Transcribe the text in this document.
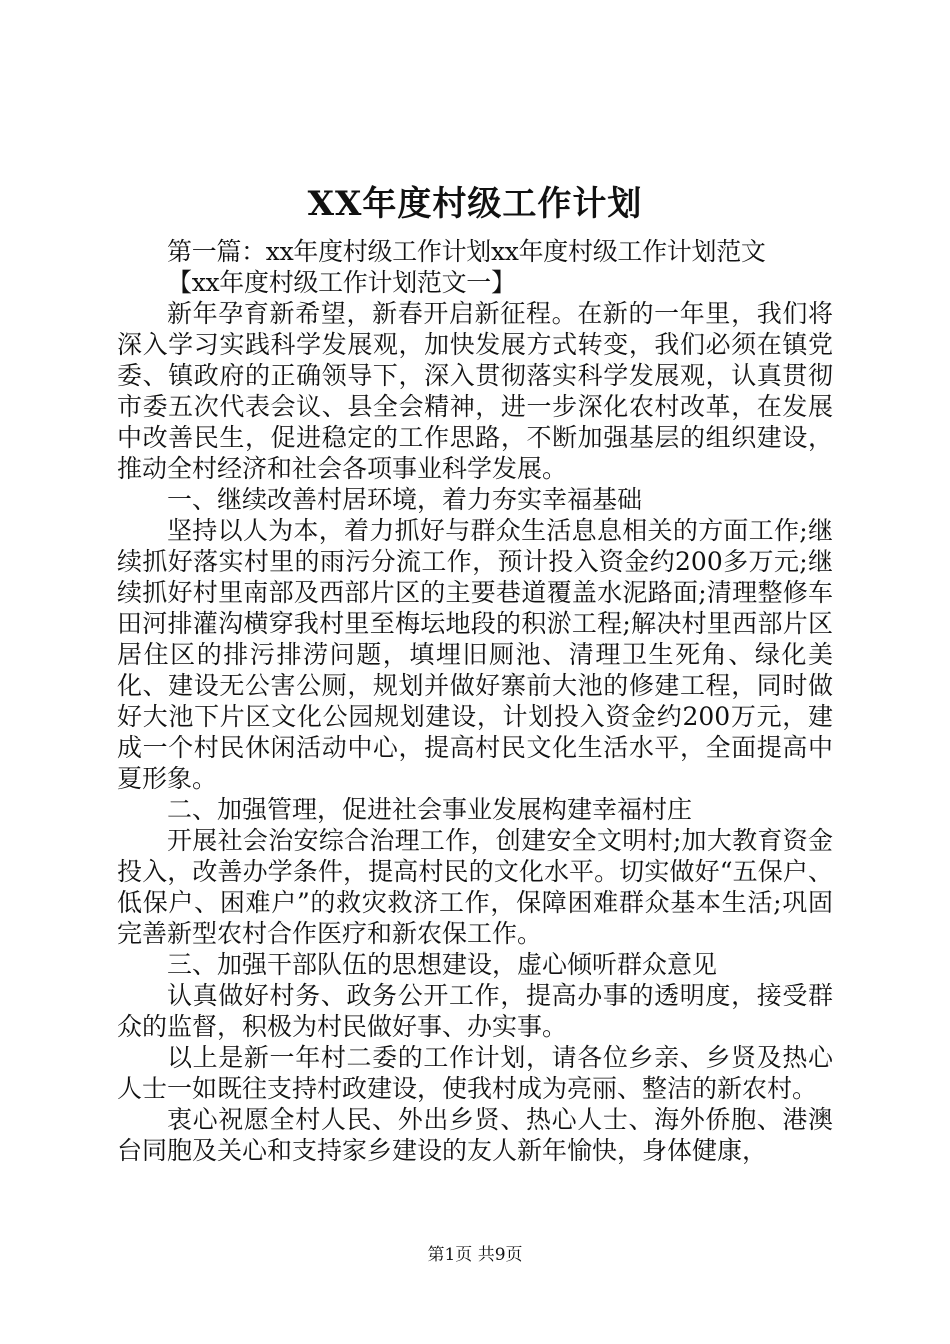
XX年度村级工作计划

第一篇：xx年度村级工作计划xx年度村级工作计划范文

【xx年度村级工作计划范文一】

新年孕育新希望，新春开启新征程。在新的一年里，我们将深入学习实践科学发展观，加快发展方式转变，我们必须在镇党委、镇政府的正确领导下，深入贯彻落实科学发展观，认真贯彻市委五次代表会议、县全会精神，进一步深化农村改革，在发展中改善民生，促进稳定的工作思路，不断加强基层的组织建设，推动全村经济和社会各项事业科学发展。

一、继续改善村居环境，着力夯实幸福基础

坚持以人为本，着力抓好与群众生活息息相关的方面工作;继续抓好落实村里的雨污分流工作，预计投入资金约200多万元;继续抓好村里南部及西部片区的主要巷道覆盖水泥路面;清理整修车田河排灌沟横穿我村里至梅坛地段的积淤工程;解决村里西部片区居住区的排污排涝问题，填埋旧厕池、清理卫生死角、绿化美化、建设无公害公厕，规划并做好寨前大池的修建工程，同时做好大池下片区文化公园规划建设，计划投入资金约200万元，建成一个村民休闲活动中心，提高村民文化生活水平，全面提高中夏形象。

二、加强管理，促进社会事业发展构建幸福村庄

开展社会治安综合治理工作，创建安全文明村;加大教育资金投入，改善办学条件，提高村民的文化水平。切实做好“五保户、低保户、困难户”的救灾救济工作，保障困难群众基本生活;巩固完善新型农村合作医疗和新农保工作。

三、加强干部队伍的思想建设，虚心倾听群众意见

认真做好村务、政务公开工作，提高办事的透明度，接受群众的监督，积极为村民做好事、办实事。

以上是新一年村二委的工作计划，请各位乡亲、乡贤及热心人士一如既往支持村政建设，使我村成为亮丽、整洁的新农村。

衷心祝愿全村人民、外出乡贤、热心人士、海外侨胞、港澳台同胞及关心和支持家乡建设的友人新年愉快，身体健康，

第1页 共9页
